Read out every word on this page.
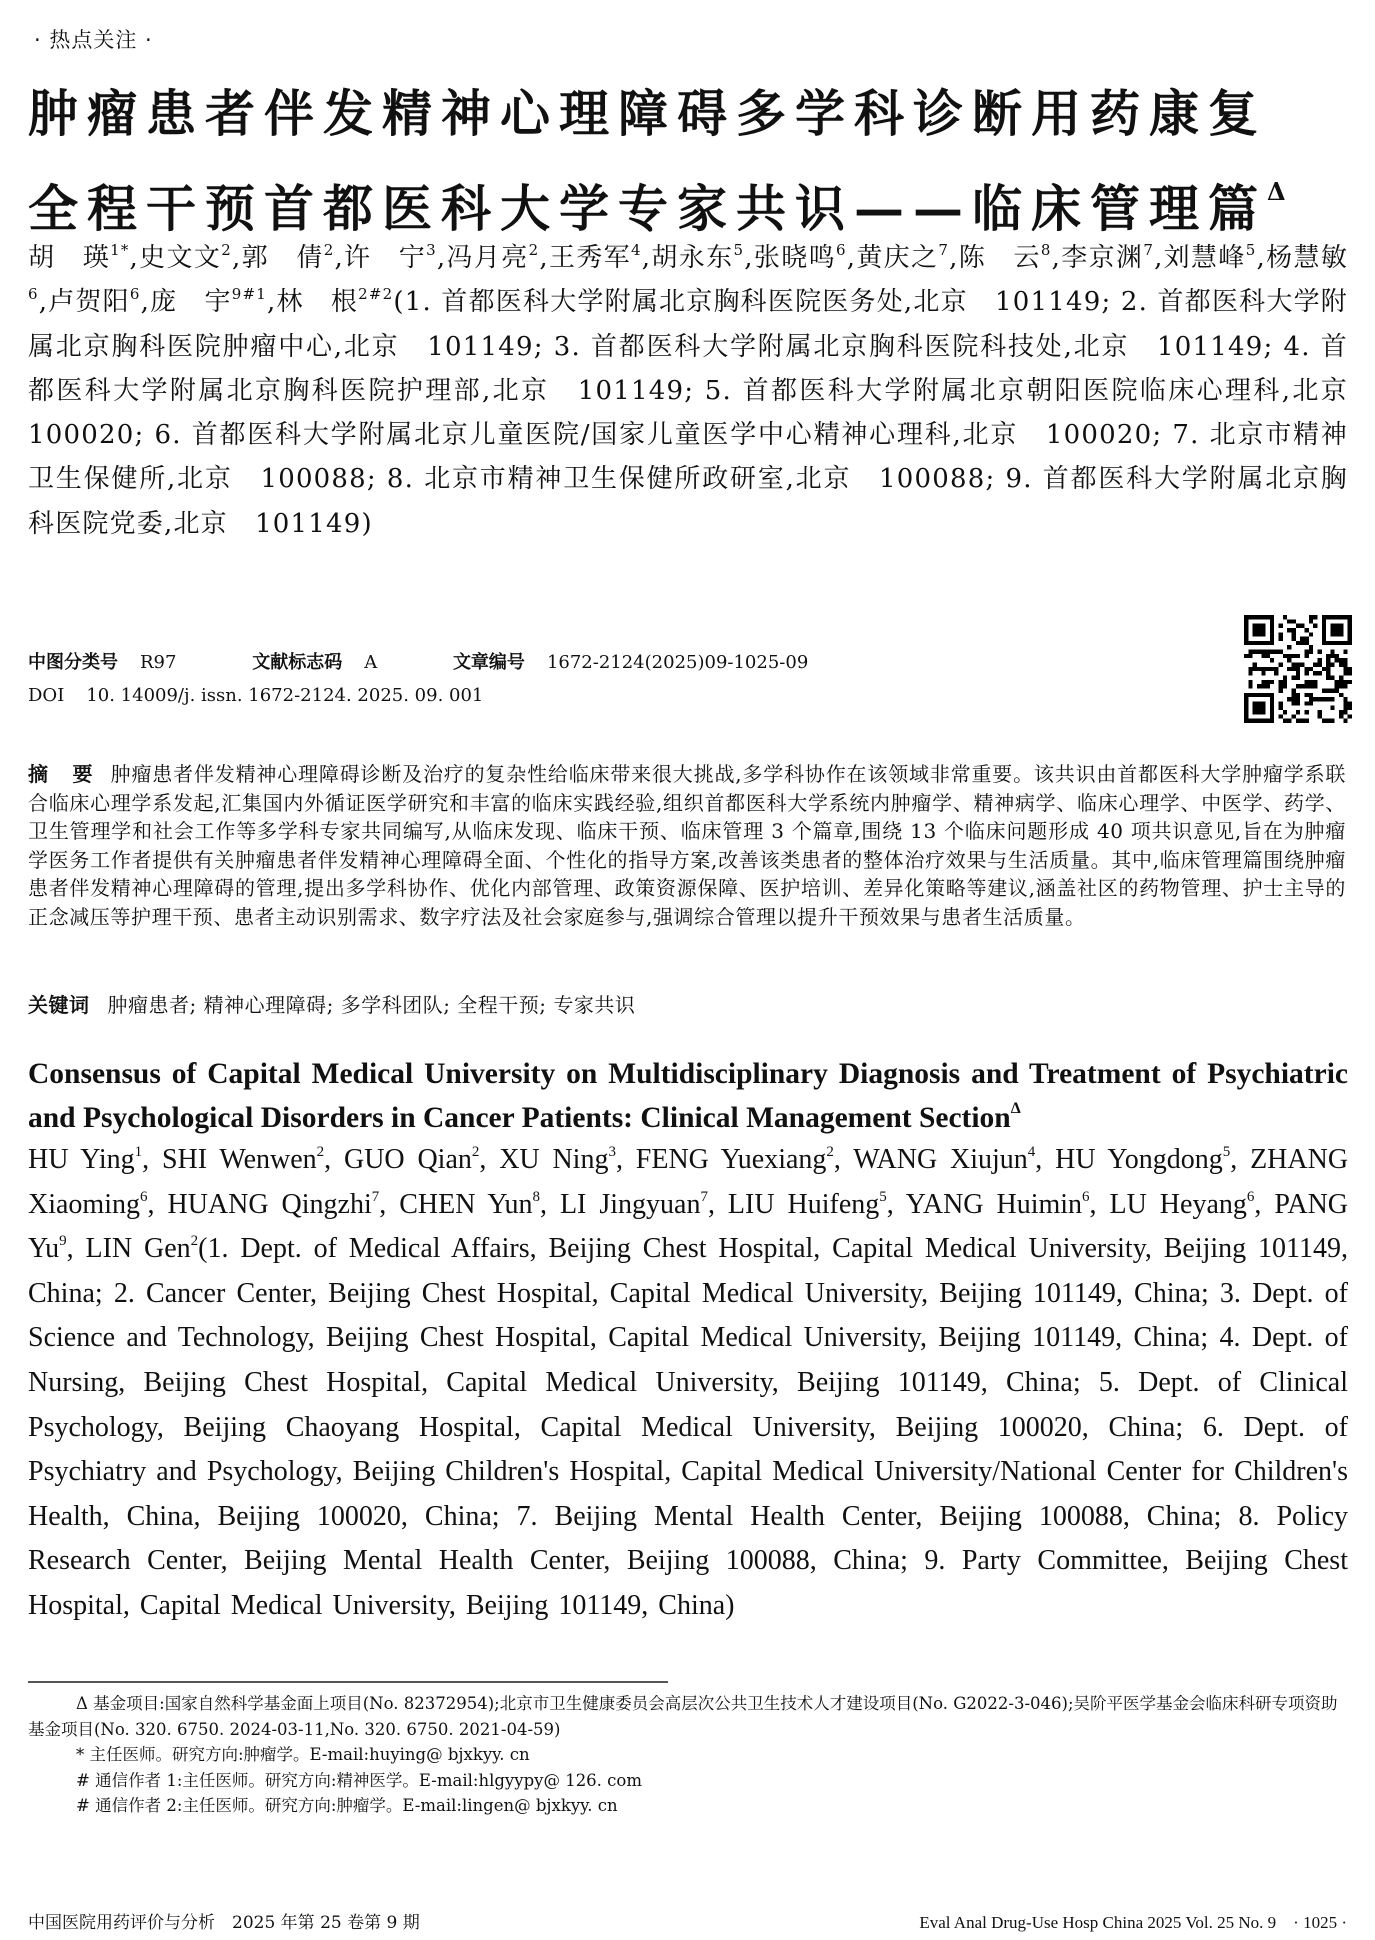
· 热点关注 ·
肿瘤患者伴发精神心理障碍多学科诊断用药康复
全程干预首都医科大学专家共识——临床管理篇$^\Delta$
胡　瑛$^{1*}$,史文文$^2$,郭　倩$^2$,许　宁$^3$,冯月亮$^2$,王秀军$^4$,胡永东$^5$,张晓鸣$^6$,黄庆之$^7$,陈　云$^8$,李京渊$^7$,刘慧峰$^5$,杨慧敏$^6$,卢贺阳$^6$,庞　宇$^{9\#1}$,林　根$^{2\#2}$(1. 首都医科大学附属北京胸科医院医务处,北京　101149; 2. 首都医科大学附属北京胸科医院肿瘤中心,北京　101149; 3. 首都医科大学附属北京胸科医院科技处,北京　101149; 4. 首都医科大学附属北京胸科医院护理部,北京　101149; 5. 首都医科大学附属北京朝阳医院临床心理科,北京　100020; 6. 首都医科大学附属北京儿童医院/国家儿童医学中心精神心理科,北京　100020; 7. 北京市精神卫生保健所,北京　100088; 8. 北京市精神卫生保健所政研室,北京　100088; 9. 首都医科大学附属北京胸科医院党委,北京　101149)
中图分类号 R97	文献标志码 A	文章编号 1672-2124(2025)09-1025-09
DOI 10. 14009/j. issn. 1672-2124. 2025. 09. 001
摘　要 肿瘤患者伴发精神心理障碍诊断及治疗的复杂性给临床带来很大挑战,多学科协作在该领域非常重要。该共识由首都医科大学肿瘤学系联合临床心理学系发起,汇集国内外循证医学研究和丰富的临床实践经验,组织首都医科大学系统内肿瘤学、精神病学、临床心理学、中医学、药学、卫生管理学和社会工作等多学科专家共同编写,从临床发现、临床干预、临床管理 3 个篇章,围绕 13 个临床问题形成 40 项共识意见,旨在为肿瘤学医务工作者提供有关肿瘤患者伴发精神心理障碍全面、个性化的指导方案,改善该类患者的整体治疗效果与生活质量。其中,临床管理篇围绕肿瘤患者伴发精神心理障碍的管理,提出多学科协作、优化内部管理、政策资源保障、医护培训、差异化策略等建议,涵盖社区的药物管理、护士主导的正念减压等护理干预、患者主动识别需求、数字疗法及社会家庭参与,强调综合管理以提升干预效果与患者生活质量。
关键词 肿瘤患者; 精神心理障碍; 多学科团队; 全程干预; 专家共识
Consensus of Capital Medical University on Multidisciplinary Diagnosis and Treatment of Psychiatric and Psychological Disorders in Cancer Patients: Clinical Management Section$^\Delta$
HU Ying$^1$, SHI Wenwen$^2$, GUO Qian$^2$, XU Ning$^3$, FENG Yuexiang$^2$, WANG Xiujun$^4$, HU Yongdong$^5$, ZHANG Xiaoming$^6$, HUANG Qingzhi$^7$, CHEN Yun$^8$, LI Jingyuan$^7$, LIU Huifeng$^5$, YANG Huimin$^6$, LU Heyang$^6$, PANG Yu$^9$, LIN Gen$^2$(1. Dept. of Medical Affairs, Beijing Chest Hospital, Capital Medical University, Beijing 101149, China; 2. Cancer Center, Beijing Chest Hospital, Capital Medical University, Beijing 101149, China; 3. Dept. of Science and Technology, Beijing Chest Hospital, Capital Medical University, Beijing 101149, China; 4. Dept. of Nursing, Beijing Chest Hospital, Capital Medical University, Beijing 101149, China; 5. Dept. of Clinical Psychology, Beijing Chaoyang Hospital, Capital Medical University, Beijing 100020, China; 6. Dept. of Psychiatry and Psychology, Beijing Children's Hospital, Capital Medical University/National Center for Children's Health, China, Beijing 100020, China; 7. Beijing Mental Health Center, Beijing 100088, China; 8. Policy Research Center, Beijing Mental Health Center, Beijing 100088, China; 9. Party Committee, Beijing Chest Hospital, Capital Medical University, Beijing 101149, China)

Δ 基金项目:国家自然科学基金面上项目(No. 82372954);北京市卫生健康委员会高层次公共卫生技术人才建设项目(No. G2022-3-046);吴阶平医学基金会临床科研专项资助基金项目(No. 320. 6750. 2024-03-11,No. 320. 6750. 2021-04-59)

* 主任医师。研究方向:肿瘤学。E-mail:huying@ bjxkyy. cn

# 通信作者 1:主任医师。研究方向:精神医学。E-mail:hlgyypy@ 126. com

# 通信作者 2:主任医师。研究方向:肿瘤学。E-mail:lingen@ bjxkyy. cn

中国医院用药评价与分析　2025 年第 25 卷第 9 期	Eval Anal Drug-Use Hosp China 2025 Vol. 25 No. 9　· 1025 ·
